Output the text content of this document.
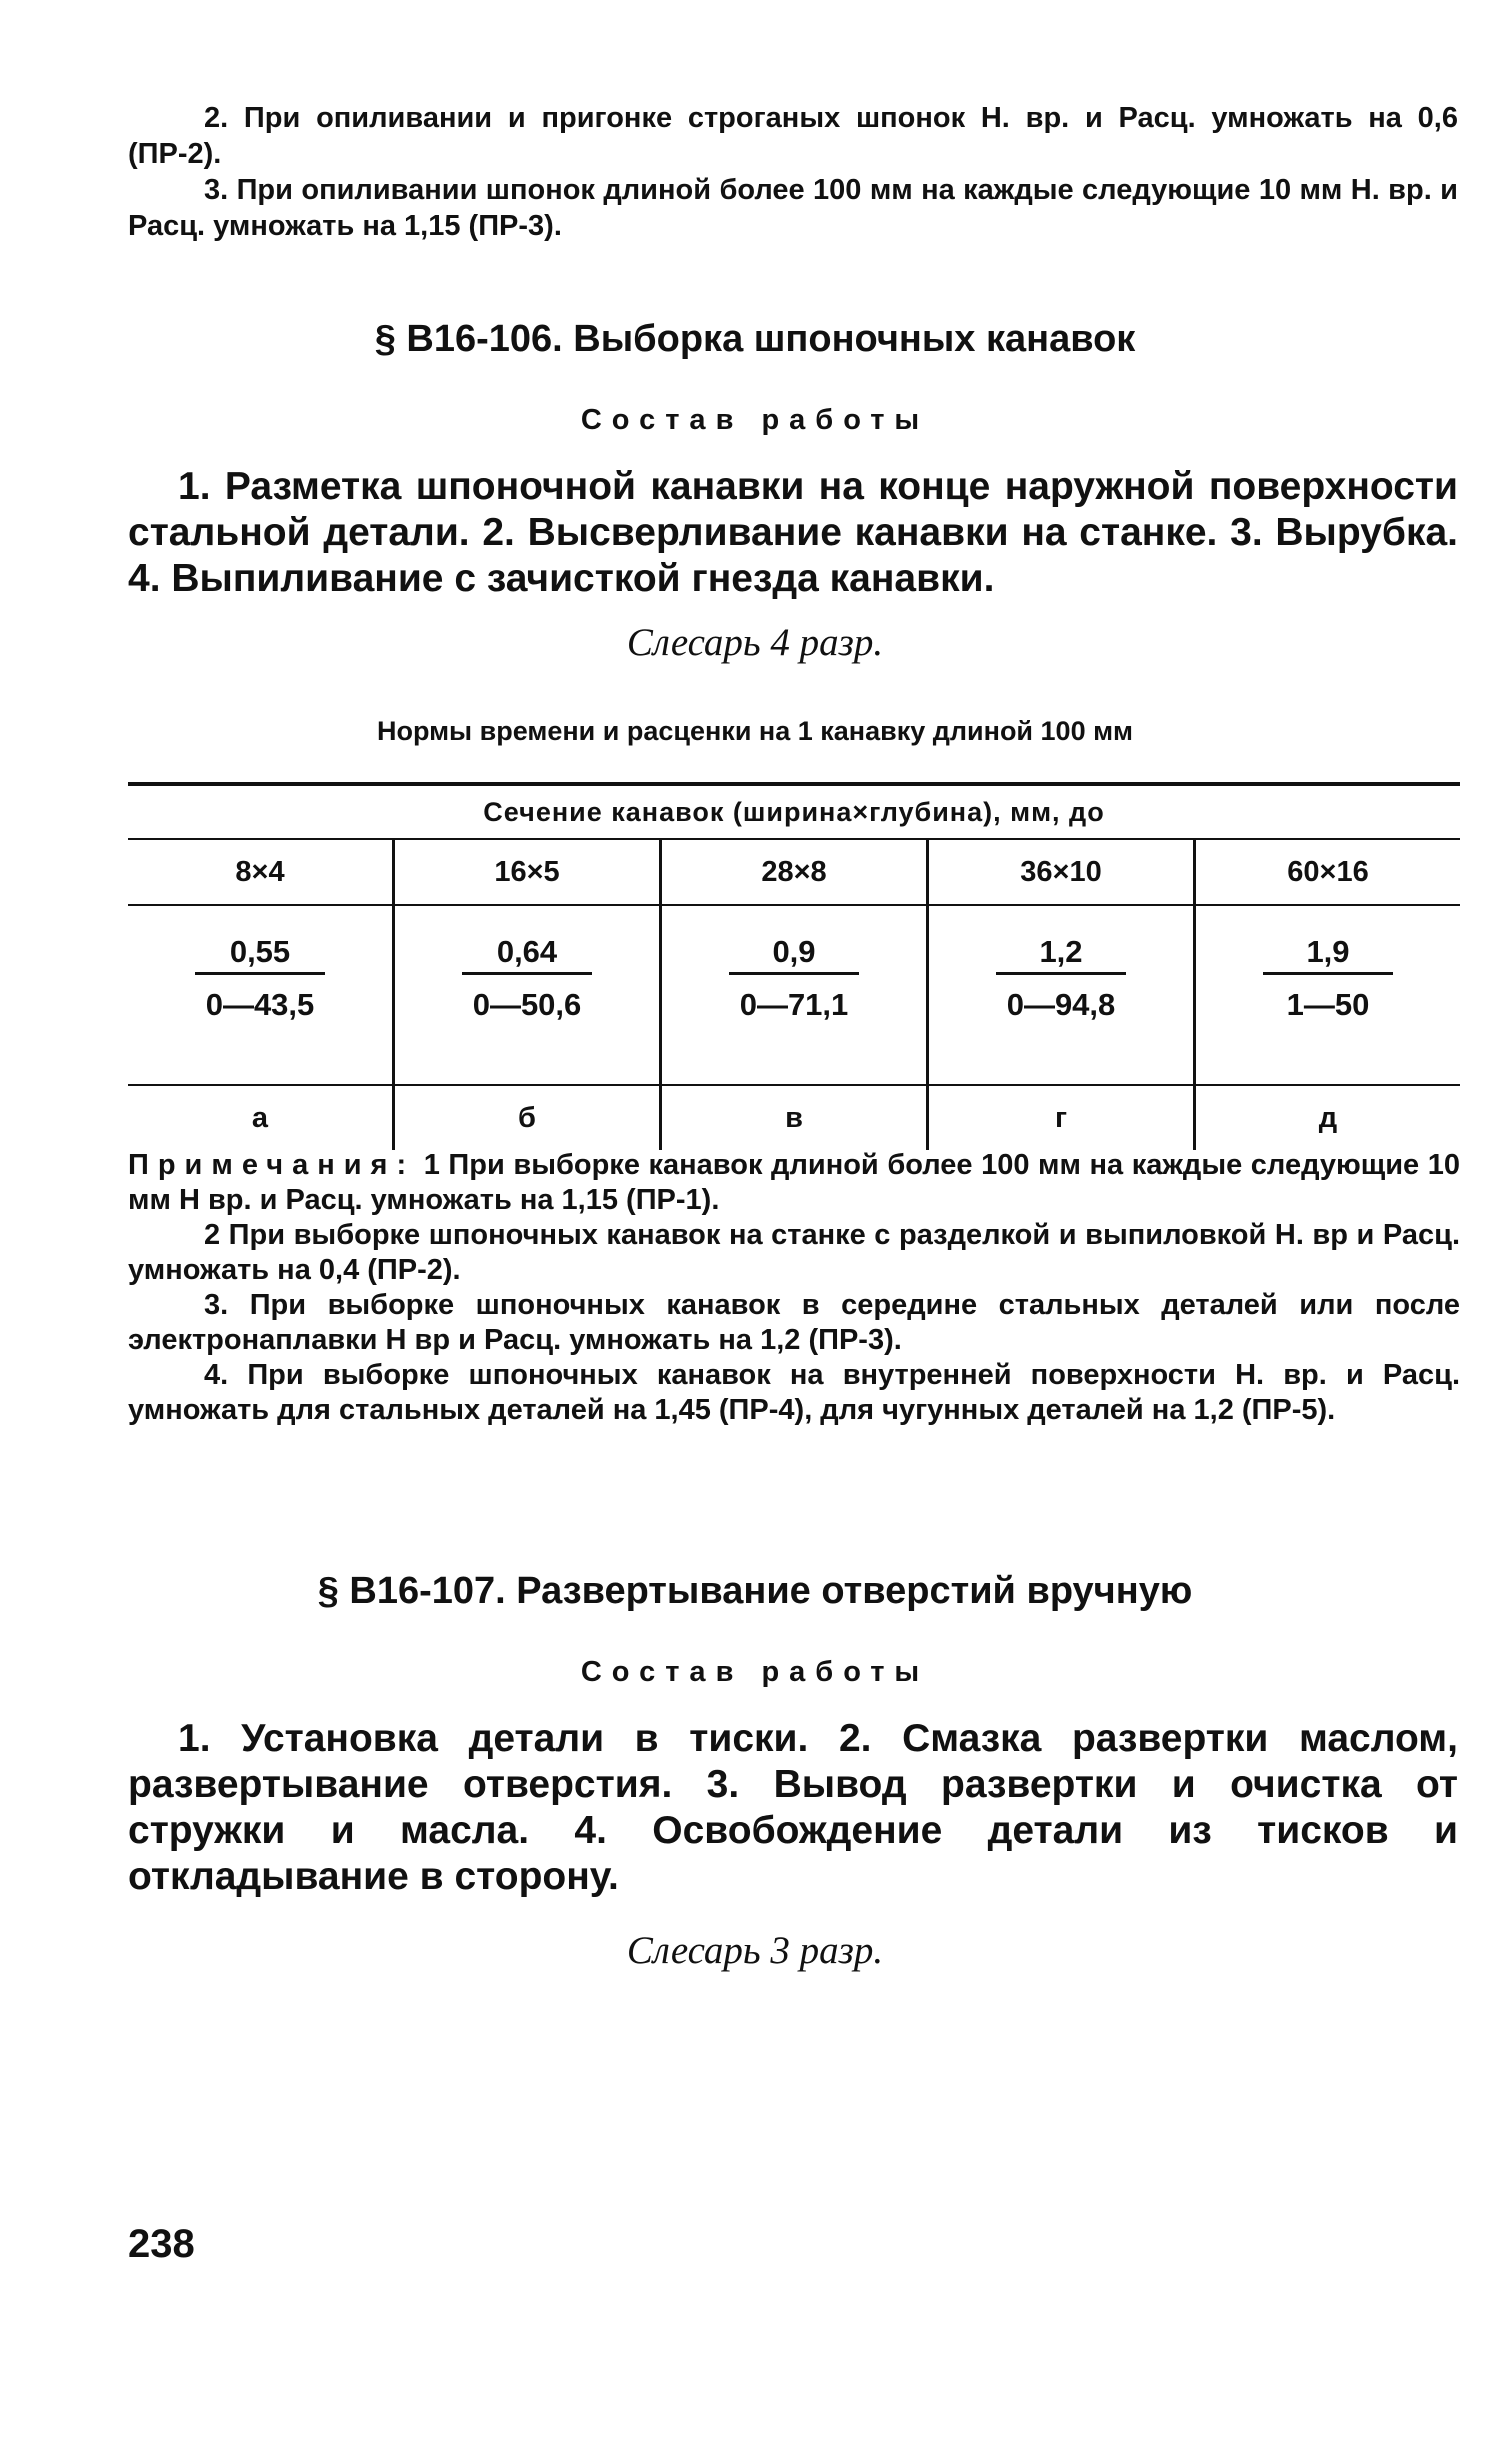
2. При опиливании и пригонке строганых шпонок Н. вр. и Расц. умножать на 0,6 (ПР-2).

3. При опиливании шпонок длиной более 100 мм на каждые следующие 10 мм Н. вр. и Расц. умножать на 1,15 (ПР-3).

§ В16-106. Выборка шпоночных канавок
Состав работы
1. Разметка шпоночной канавки на конце наружной поверхности стальной детали. 2. Высверливание канавки на станке. 3. Вырубка. 4. Выпиливание с зачисткой гнезда канавки.
Слесарь 4 разр.
Нормы времени и расценки на 1 канавку длиной 100 мм
Сечение канавок (ширина×глубина), мм, до
8×4	16×5	28×8	36×10	60×16
$\frac{0,55}{0—43,5}$	$\frac{0,64}{0—50,6}$	$\frac{0,9}{0—71,1}$	$\frac{1,2}{0—94,8}$	$\frac{1,9}{1—50}$
а	б	в	г	д

Примечания: 1 При выборке канавок длиной более 100 мм на каждые следующие 10 мм Н вр. и Расц. умножать на 1,15 (ПР-1).

2 При выборке шпоночных канавок на станке с разделкой и выпиловкой Н. вр и Расц. умножать на 0,4 (ПР-2).

3. При выборке шпоночных канавок в середине стальных деталей или после электронаплавки Н вр и Расц. умножать на 1,2 (ПР-3).

4. При выборке шпоночных канавок на внутренней поверхности Н. вр. и Расц. умножать для стальных деталей на 1,45 (ПР-4), для чугунных деталей на 1,2 (ПР-5).

§ В16-107. Развертывание отверстий вручную
Состав работы
1. Установка детали в тиски. 2. Смазка развертки маслом, развертывание отверстия. 3. Вывод развертки и очистка от стружки и масла. 4. Освобождение детали из тисков и откладывание в сторону.
Слесарь 3 разр.
238
